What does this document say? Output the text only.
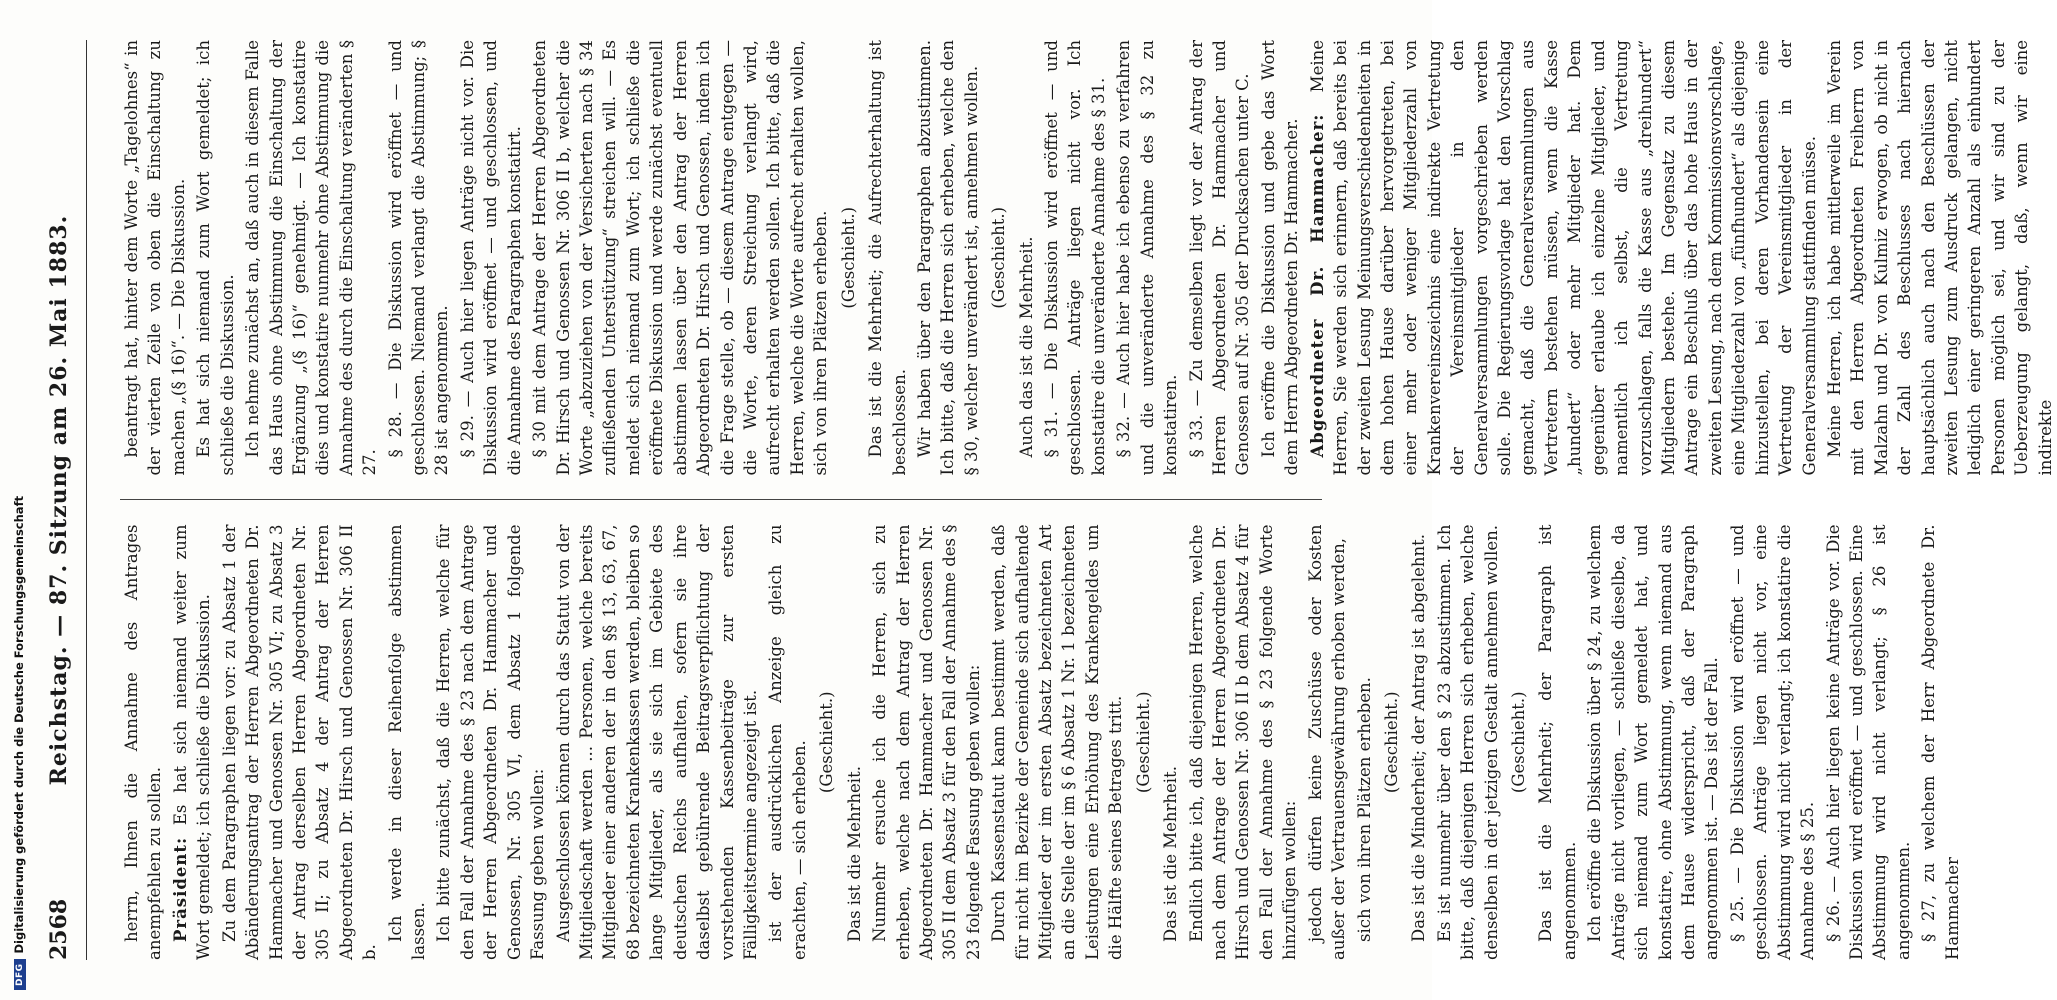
2568
Reichstag. — 87. Sitzung am 26. Mai 1883.	herrn, Ihnen die Annahme des Antrages anempfehlen zu sollen. Präsident: Es hat sich niemand weiter zum Wort gemeldet; ich schließe die Diskussion. Zu dem Paragraphen liegen vor: zu Absatz 1 der Abänderungsantrag der Herren Abgeordneten Dr. Hammacher und Genossen Nr. 305 VI; zu Absatz 3 der Antrag derselben Herren Abgeordneten Nr. 305 II; zu Absatz 4 der Antrag der Herren Abgeordneten Dr. Hirsch und Genossen Nr. 306 II b.

Ich werde in dieser Reihenfolge abstimmen lassen. Ich bitte zunächst, daß die Herren, welche für den Fall der Annahme des § 23 nach dem Antrage der Herren Abgeordneten Dr. Hammacher und Genossen, Nr. 305 VI, dem Absatz 1 folgende Fassung geben wollen: Ausgeschlossen können durch das Statut von der Mitgliedschaft werden ... Personen, welche bereits Mitglieder einer anderen der in den §§ 13, 63, 67, 68 bezeichneten Krankenkassen werden, bleiben so lange Mitglieder, als sie sich im Gebiete des deutschen Reichs aufhalten, sofern sie ihre daselbst gebührende Beitragsverpflichtung der vorstehenden Kassenbeiträge zur ersten Fälligkeitstermine angezeigt ist. ist der ausdrücklichen Anzeige gleich zu erachten, — sich erheben. (Geschieht.)

Das ist die Mehrheit. Nunmehr ersuche ich die Herren, sich zu erheben, welche nach dem Antrag der Herren Abgeordneten Dr. Hammacher und Genossen Nr. 305 II dem Absatz 3 für den Fall der Annahme des § 23 folgende Fassung geben wollen: Durch Kassenstatut kann bestimmt werden, daß für nicht im Bezirke der Gemeinde sich aufhaltende Mitglieder der im ersten Absatz bezeichneten Art an die Stelle der im § 6 Absatz 1 Nr. 1 bezeichneten Leistungen eine Erhöhung des Krankengeldes um die Hälfte seines Betrages tritt. (Geschieht.)

Das ist die Mehrheit. Endlich bitte ich, daß diejenigen Herren, welche nach dem Antrage der Herren Abgeordneten Dr. Hirsch und Genossen Nr. 306 II b dem Absatz 4 für den Fall der Annahme des § 23 folgende Worte hinzufügen wollen: jedoch dürfen keine Zuschüsse oder Kosten außer der Vertrauensgewährung erhoben werden, sich von ihren Plätzen erheben. (Geschieht.) Das ist die Minderheit; der Antrag ist abgelehnt. Es ist nunmehr über den § 23 abzustimmen. Ich bitte, daß diejenigen Herren sich erheben, welche denselben in der jetzigen Gestalt annehmen wollen. (Geschieht.) Das ist die Mehrheit; der Paragraph ist angenommen. Ich eröffne die Diskussion über § 24, zu welchem Anträge nicht vorliegen, — schließe dieselbe, da sich niemand zum Wort gemeldet hat, und konstatire, ohne Abstimmung, wenn niemand aus dem Hause widerspricht, daß der Paragraph angenommen ist. — Das ist der Fall. § 25. — Die Diskussion wird eröffnet — und geschlossen. Anträge liegen nicht vor, eine Abstimmung wird nicht verlangt; ich konstatire die Annahme des § 25. § 26. — Auch hier liegen keine Anträge vor. Die Diskussion wird eröffnet — und geschlossen. Eine Abstimmung wird nicht verlangt; § 26 ist angenommen. § 27, zu welchem der Herr Abgeordnete Dr. Hammacher

beantragt hat, hinter dem Worte „Tagelohnes“ in der vierten Zeile von oben die Einschaltung zu machen „(§ 16)“. — Die Diskussion. Es hat sich niemand zum Wort gemeldet; ich schließe die Diskussion. Ich nehme zunächst an, daß auch in diesem Falle das Haus ohne Abstimmung die Einschaltung der Ergänzung „(§ 16)“ genehmigt. — Ich konstatire dies und konstatire nunmehr ohne Abstimmung die Annahme des durch die Einschaltung veränderten § 27.

§ 28. — Die Diskussion wird eröffnet — und geschlossen. Niemand verlangt die Abstimmung; § 28 ist angenommen. § 29. — Auch hier liegen Anträge nicht vor. Die Diskussion wird eröffnet — und geschlossen, und die Annahme des Paragraphen konstatirt. § 30 mit dem Antrage der Herren Abgeordneten Dr. Hirsch und Genossen Nr. 306 II b, welcher die Worte „abzuziehen von der Versicherten nach § 34 zufließenden Unterstützung“ streichen will. — Es meldet sich niemand zum Wort; ich schließe die eröffnete Diskussion und werde zunächst eventuell abstimmen lassen über den Antrag der Herren Abgeordneten Dr. Hirsch und Genossen, indem ich die Frage stelle, ob — diesem Antrage entgegen — die Worte, deren Streichung verlangt wird, aufrecht erhalten werden sollen. Ich bitte, daß die Herren, welche die Worte aufrecht erhalten wollen, sich von ihren Plätzen erheben. (Geschieht.) Das ist die Mehrheit; die Aufrechterhaltung ist beschlossen. Wir haben über den Paragraphen abzustimmen. Ich bitte, daß die Herren sich erheben, welche den § 30, welcher unverändert ist, annehmen wollen. (Geschieht.) Auch das ist die Mehrheit. § 31. — Die Diskussion wird eröffnet — und geschlossen. Anträge liegen nicht vor. Ich konstatire die unveränderte Annahme des § 31. § 32. — Auch hier habe ich ebenso zu verfahren und die unveränderte Annahme des § 32 zu konstatiren. § 33. — Zu demselben liegt vor der Antrag der Herren Abgeordneten Dr. Hammacher und Genossen auf Nr. 305 der Drucksachen unter C. Ich eröffne die Diskussion und gebe das Wort dem Herrn Abgeordneten Dr. Hammacher. Abgeordneter Dr. Hammacher: Meine Herren, Sie werden sich erinnern, daß bereits bei der zweiten Lesung Meinungsverschiedenheiten in dem hohen Hause darüber hervorgetreten, bei einer mehr oder weniger Mitgliederzahl von Krankenvereinszeichnis eine indirekte Vertretung der Vereinsmitglieder in den Generalversammlungen vorgeschrieben werden solle. Die Regierungsvorlage hat den Vorschlag gemacht, daß die Generalversammlungen aus Vertretern bestehen müssen, wenn die Kasse „hundert“ oder mehr Mitglieder hat. Dem gegenüber erlaube ich einzelne Mitglieder, und namentlich ich selbst, die Vertretung vorzuschlagen, falls die Kasse aus „dreihundert“ Mitgliedern bestehe. Im Gegensatz zu diesem Antrage ein Beschluß über das hohe Haus in der zweiten Lesung, nach dem Kommissionsvorschlage, eine Mitgliederzahl von „fünfhundert“ als diejenige hinzustellen, bei deren Vorhandensein eine Vertretung der Vereinsmitglieder in der Generalversammlung stattfinden müsse. Meine Herren, ich habe mittlerweile im Verein mit den Herren Abgeordneten Freiherrn von Malzahn und Dr. von Kulmiz erwogen, ob nicht in der Zahl des Beschlusses nach hiernach hauptsächlich auch nach den Beschlüssen der zweiten Lesung zum Ausdruck gelangen, nicht lediglich einer geringeren Anzahl als einhundert Personen möglich sei, und wir sind zu der Ueberzeugung gelangt, daß, wenn wir eine indirekte

DFGDigitalisierung gefördert durch die Deutsche Forschungsgemeinschaft
